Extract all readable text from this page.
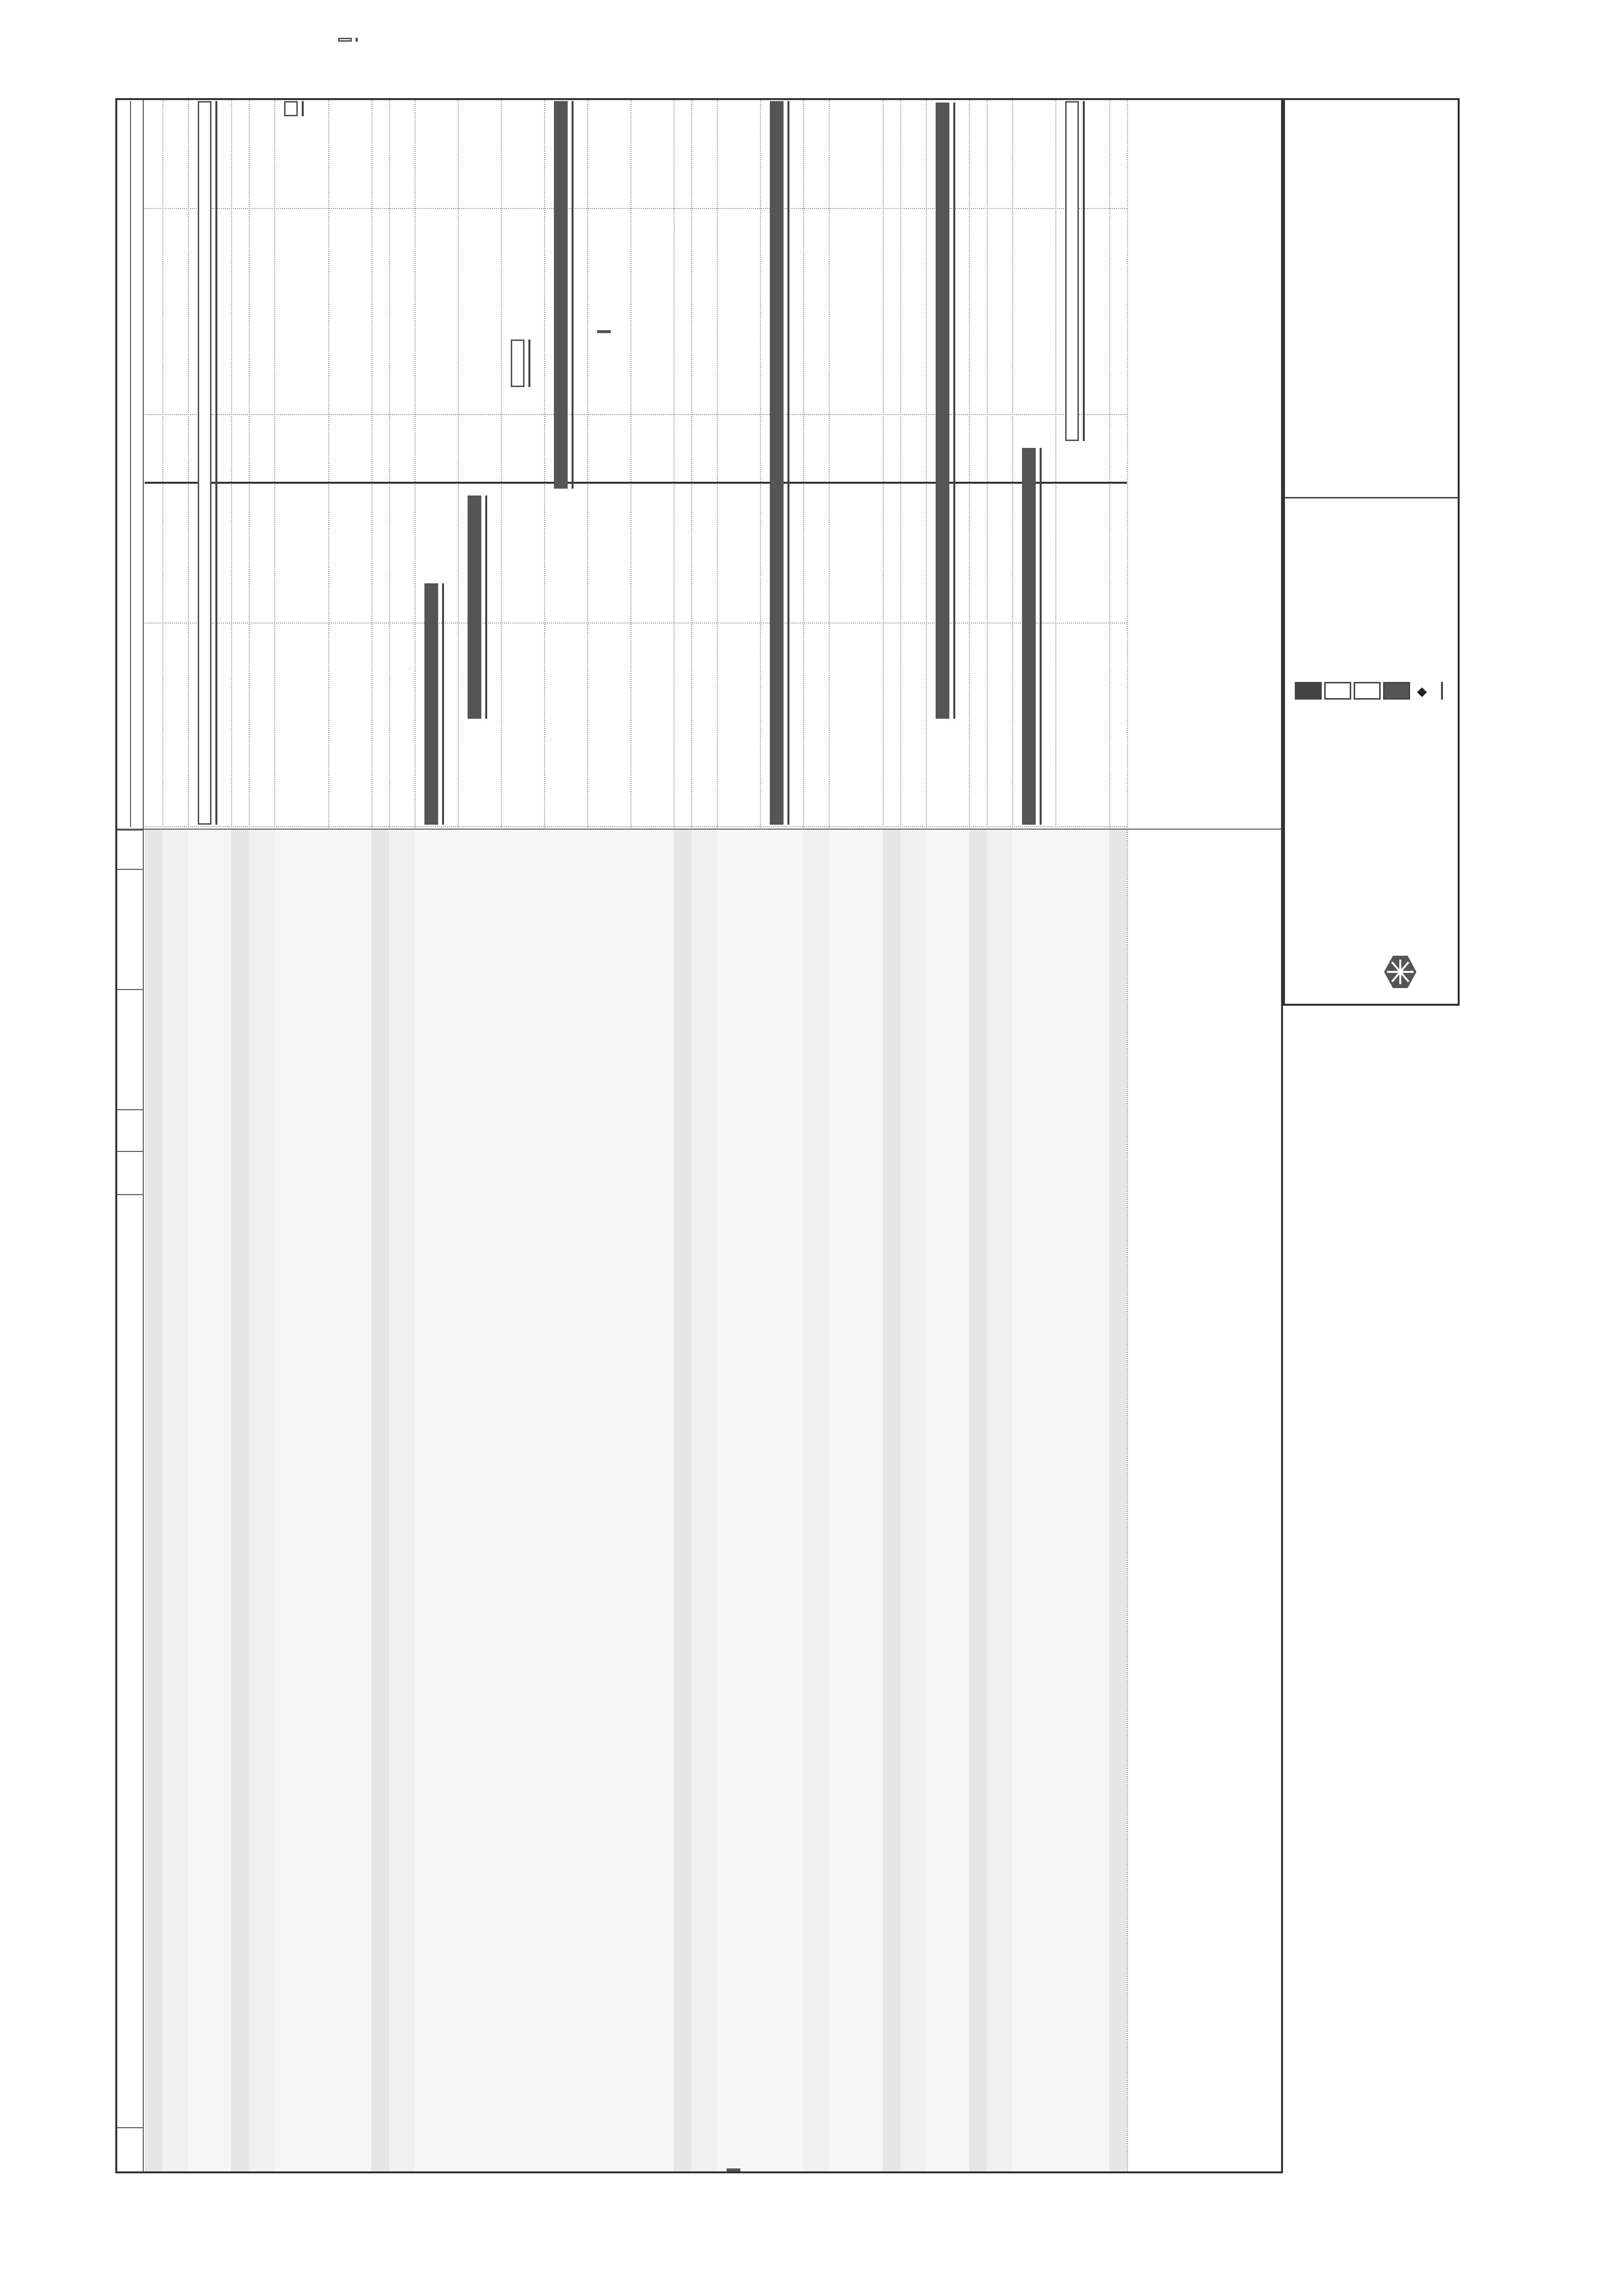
◆
